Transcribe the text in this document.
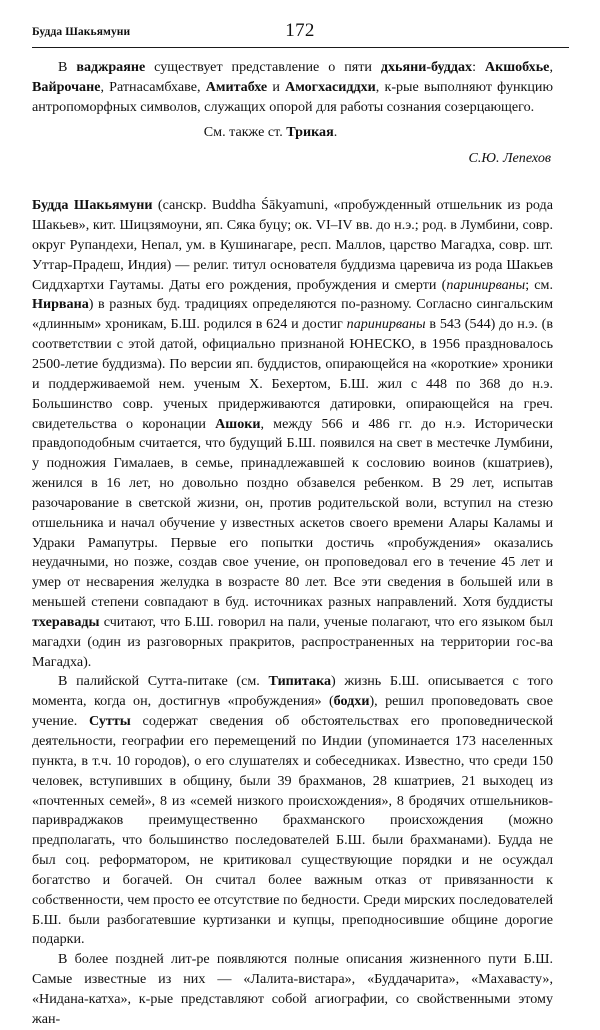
Будда Шакьямуни	172

В ваджраяне существует представление о пяти дхьяни-буддах: Акшобхье, Вайрочане, Ратнасамбхаве, Амитабхе и Амогхасиддхи, к-рые выполняют функцию антропоморфных символов, служащих опорой для работы сознания созерцающего.

См. также ст. Трикая.

С.Ю. Лепехов

Будда Шакьямуни (санскр. Buddha Śākyamuni, «пробужденный отшельник из рода Шакьев», кит. Шицзямоуни, яп. Сяка буцу; ок. VI–IV вв. до н.э.; род. в Лумбини, совр. округ Рупандехи, Непал, ум. в Кушинагаре, респ. Маллов, царство Магадха, совр. шт. Уттар-Прадеш, Индия) — религ. титул основателя буддизма царевича из рода Шакьев Сиддхартхи Гаутамы. Даты его рождения, пробуждения и смерти (паринирваны; см. Нирвана) в разных буд. традициях определяются по-разному. Согласно сингальским «длинным» хроникам, Б.Ш. родился в 624 и достиг паринирваны в 543 (544) до н.э. (в соответствии с этой датой, официально признаной ЮНЕСКО, в 1956 праздновалось 2500-летие буддизма). По версии яп. буддистов, опирающейся на «короткие» хроники и поддерживаемой нем. ученым Х. Бехертом, Б.Ш. жил с 448 по 368 до н.э. Большинство совр. ученых придерживаются датировки, опирающейся на греч. свидетельства о коронации Ашоки, между 566 и 486 гг. до н.э. Исторически правдоподобным считается, что будущий Б.Ш. появился на свет в местечке Лумбини, у подножия Гималаев, в семье, принадлежавшей к сословию воинов (кшатриев), женился в 16 лет, но довольно поздно обзавелся ребенком. В 29 лет, испытав разочарование в светской жизни, он, против родительской воли, вступил на стезю отшельника и начал обучение у известных аскетов своего времени Алары Каламы и Удраки Рамапутры. Первые его попытки достичь «пробуждения» оказались неудачными, но позже, создав свое учение, он проповедовал его в течение 45 лет и умер от несварения желудка в возрасте 80 лет. Все эти сведения в большей или в меньшей степени совпадают в буд. источниках разных направлений. Хотя буддисты тхеравады считают, что Б.Ш. говорил на пали, ученые полагают, что его языком был магадхи (один из разговорных пракритов, распространенных на территории гос-ва Магадха).

В палийской Сутта-питаке (см. Типитака) жизнь Б.Ш. описывается с того момента, когда он, достигнув «пробуждения» (бодхи), решил проповедовать свое учение. Сутты содержат сведения об обстоятельствах его проповеднической деятельности, географии его перемещений по Индии (упоминается 173 населенных пункта, в т.ч. 10 городов), о его слушателях и собеседниках. Известно, что среди 150 человек, вступивших в общину, были 39 брахманов, 28 кшатриев, 21 выходец из «почтенных семей», 8 из «семей низкого происхождения», 8 бродячих отшельников-паривраджаков преимущественно брахманского происхождения (можно предполагать, что большинство последователей Б.Ш. были брахманами). Будда не был соц. реформатором, не критиковал существующие порядки и не осуждал богатство и богачей. Он считал более важным отказ от привязанности к собственности, чем просто ее отсутствие по бедности. Среди мирских последователей Б.Ш. были разбогатевшие куртизанки и купцы, преподносившие общине дорогие подарки.

В более поздней лит-ре появляются полные описания жизненного пути Б.Ш. Самые известные из них — «Лалита-вистара», «Буддачарита», «Махавасту», «Нидана-катха», к-рые представляют собой агиографии, со свойственными этому жан-
